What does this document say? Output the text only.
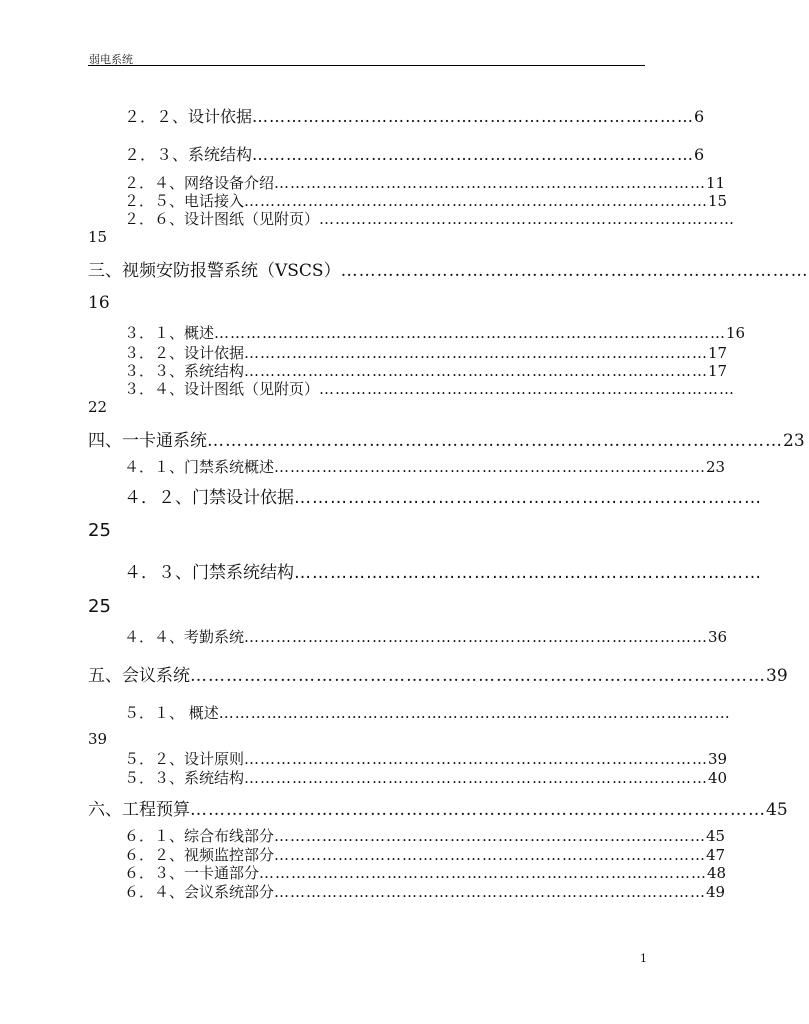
弱电系统
２．２、设计依据 …………………………………………………………………… 6
２．３、系统结构 …………………………………………………………………… 6
２．４、网络设备介绍 ……………………………………………………………………… 11
２．５、电话接入 …………………………………………………………………………… 15
２．６、设计图纸（见附页） ……………………………………………………………………
15
三、视频安防报警系统（VSCS） ……………………………………………………………………
16
３．１、概述 …………………………………………………………………………………… 16
３．２、设计依据 …………………………………………………………………………… 17
３．３、系统结构 …………………………………………………………………………… 17
３．４、设计图纸（见附页） ……………………………………………………………………
22
四、一卡通系统 …………………………………………………………………………………… 23
４．１、门禁系统概述 ……………………………………………………………………… 23
４．２、门禁设计依据 ……………………………………………………………………
25
４．３、门禁系统结构 ……………………………………………………………………
25
４．４、考勤系统 …………………………………………………………………………… 36
五、会议系统 …………………………………………………………………………………… 39
５．１、 概述 ……………………………………………………………………………………
39
５．２、设计原则 …………………………………………………………………………… 39
５．３、系统结构 …………………………………………………………………………… 40
六、工程预算 …………………………………………………………………………………… 45
６．１、综合布线部分 ……………………………………………………………………… 45
６．２、视频监控部分 ……………………………………………………………………… 47
６．３、一卡通部分 ………………………………………………………………………… 48
６．４、会议系统部分 ……………………………………………………………………… 49
1
